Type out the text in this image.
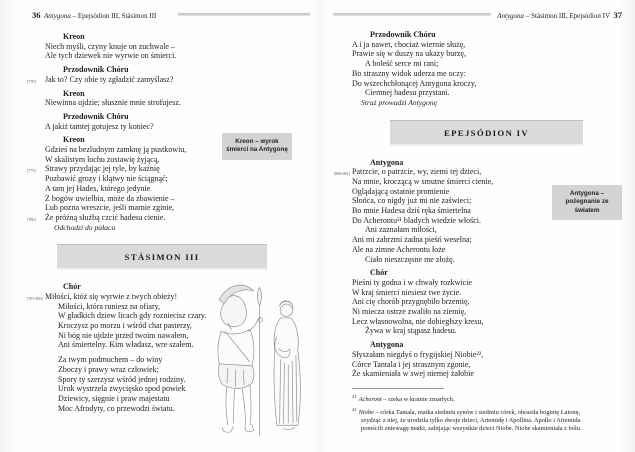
36 Antygona – Epejsódion III, Stásimon III	Antygona – Stásimon III, Epejsódion IV 37
Kreon
Niech myśli, czyny knuje on zuchwale –
Ale tych dziewek nie wyrwie on śmierci.
Przodownik Chóru
[770]	Jak to? Czy obie ty zgładzić zamyślasz?
Kreon
Niewinna ujdzie; słusznie mnie strofujesz.
Przodownik Chóru
A jakiż tamtej gotujesz ty koniec?
Kreon
Gdzieś na bezludnym zamknę ją pustkowiu,
W skalistym lochu zostawię żyjącą,
[775]	Strawy przydając jej tyle, by kaźnię
Pozbawić grozy i klątwy nie ściągnąć;
A tam jej Hades, którego jedynie
Z bogów uwielbia, może da zbawienie –
Lub pozna wreszcie, jeśli marnie zginie,
[780]	Że próżną służbą czcić hadesu cienie.
Odchodzi do pałacu
STÁSIMON III
Chór
[781-805] Miłości, któż się wyrwie z twych obieży!
Miłości, która runiesz na ofiary,
W gładkich dziew licach gdy rozniecisz czary.
Kroczysz po morzu i wśród chat pasterzy,
Ni bóg nie ujdzie przed twoim nawałem,
Ani śmiertelny. Kim władasz, wre szałem.
Za twym podmuchem – do winy
Zboczy i prawy wraz człowiek;
Spory ty szerzysz wśród jednej rodziny.
Urok wystrzela zwycięsko spod powiek
Dziewicy, sięgnie i praw majestatu
Moc Afrodyty, co przewodzi światu.
Przodownik Chóru
A i ja nawet, chociaż wiernie służę,
Prawie się w duszy na ukazy burzę,
A boleść serce mi rani;
Bo straszny widok uderza me oczy:
Do wszechchłonącej Antygona kroczy,
Ciemnej hadesu przystani.
Straż prowadzi Antygonę
EPEJSÓDION IV
Antygona
[806-881] Patrzcie, o patrzcie, wy, ziemi tej dzieci,
Na mnie, kroczącą w smutne śmierci cienie,
Oglądającą ostatnie promienie
Słońca, co nigdy już mi nie zaświeci;
Bo mnie Hadesa dziś ręka śmiertelna
Do Acherontu²¹ bladych wiedzie włości.
Ani zaznałam miłości,
Ani mi zabrzmi żadna pieśń weselna;
Ale na zimne Acherontu łoże
Ciało nieszczęsne me złożę.
Chór
Pieśni ty godna i w chwały rozkwicie
W kraj śmierci niesiesz twe życie.
Ani cię chorób przygnębiło brzemię,
Ni miecza ostrze zwaliło na ziemię,
Lecz własnowolna, nie dobiegłszy kresu,
Żywa w kraj stąpasz hadesu.
Antygona
Słyszałam niegdyś o frygijskiej Niobie²²,
Córce Tantala i jej strasznym zgonie,
Że skamieniała w swej niemej żałobie
Kreon – wyrok śmierci na Antygonę
Antygona – pożegnanie ze światem
$^{21}$ Acheront – rzeka w krainie zmarłych.
$^{22}$ Niobe – córka Tantala, matka siedmiu synów i siedmiu córek, obraziła boginię Latonę, szydząc z niej, że urodziła tylko dwoje dzieci, Artemidę i Apollina. Apollo i Artemida pomścili zniewagę matki, zabijając wszystkie dzieci Niobe. Niobe skamieniała z bólu.
